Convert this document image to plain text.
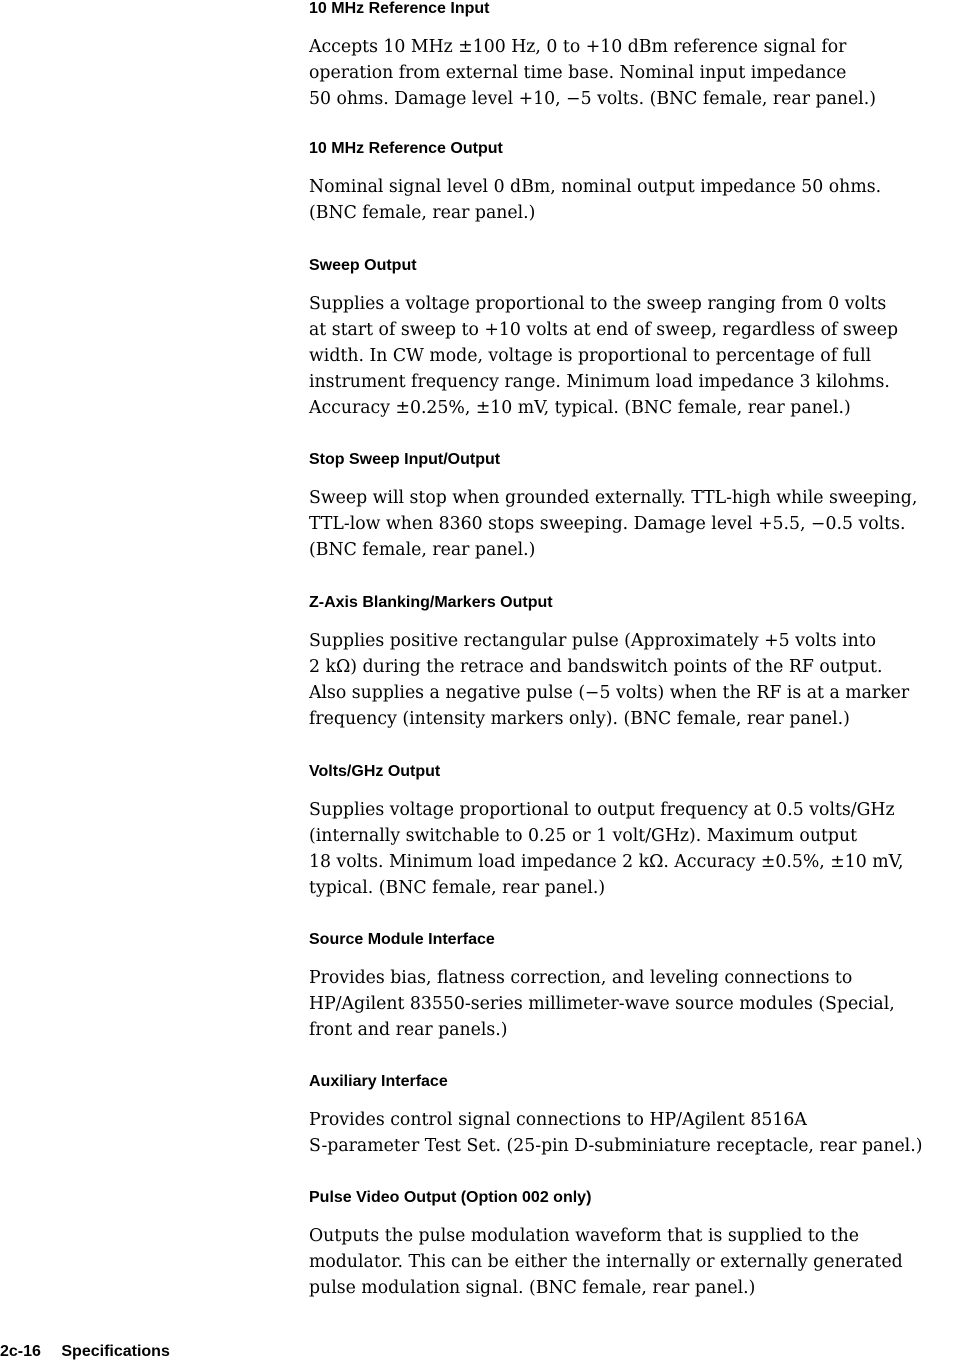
10 MHz Reference Input
Accepts 10 MHz ±100 Hz, 0 to +10 dBm reference signal for
operation from external time base. Nominal input impedance
50 ohms. Damage level +10, −5 volts. (BNC female, rear panel.)
10 MHz Reference Output
Nominal signal level 0 dBm, nominal output impedance 50 ohms.
(BNC female, rear panel.)
Sweep Output
Supplies a voltage proportional to the sweep ranging from 0 volts
at start of sweep to +10 volts at end of sweep, regardless of sweep
width. In CW mode, voltage is proportional to percentage of full
instrument frequency range. Minimum load impedance 3 kilohms.
Accuracy ±0.25%, ±10 mV, typical. (BNC female, rear panel.)
Stop Sweep Input/Output
Sweep will stop when grounded externally. TTL-high while sweeping,
TTL-low when 8360 stops sweeping. Damage level +5.5, −0.5 volts.
(BNC female, rear panel.)
Z-Axis Blanking/Markers Output
Supplies positive rectangular pulse (Approximately +5 volts into
2 kΩ) during the retrace and bandswitch points of the RF output.
Also supplies a negative pulse (−5 volts) when the RF is at a marker
frequency (intensity markers only). (BNC female, rear panel.)
Volts/GHz Output
Supplies voltage proportional to output frequency at 0.5 volts/GHz
(internally switchable to 0.25 or 1 volt/GHz). Maximum output
18 volts. Minimum load impedance 2 kΩ. Accuracy ±0.5%, ±10 mV,
typical. (BNC female, rear panel.)
Source Module Interface
Provides bias, flatness correction, and leveling connections to
HP/Agilent 83550-series millimeter-wave source modules (Special,
front and rear panels.)
Auxiliary Interface
Provides control signal connections to HP/Agilent 8516A
S-parameter Test Set. (25-pin D-subminiature receptacle, rear panel.)
Pulse Video Output (Option 002 only)
Outputs the pulse modulation waveform that is supplied to the
modulator. This can be either the internally or externally generated
pulse modulation signal. (BNC female, rear panel.)
2c-16 Specifications
